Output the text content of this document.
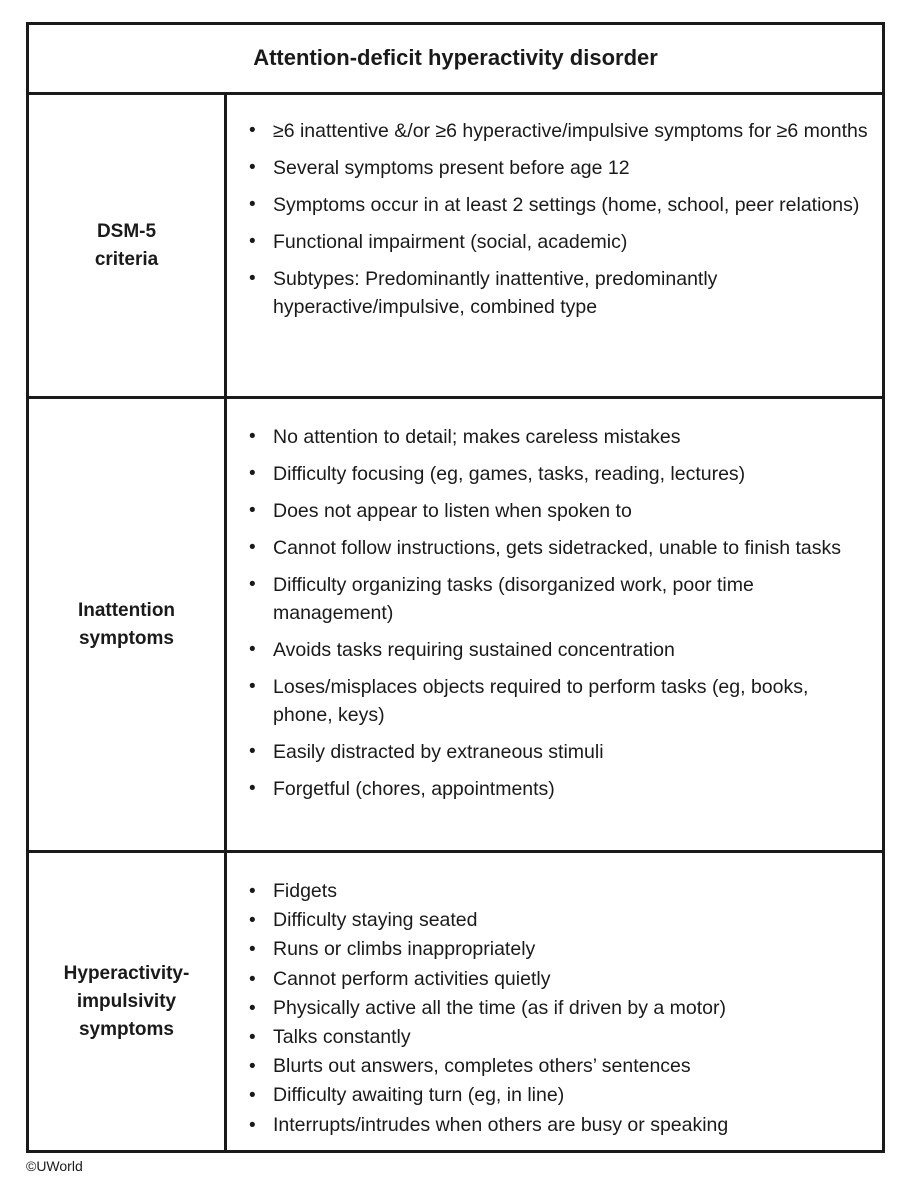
Attention-deficit hyperactivity disorder
DSM-5
criteria
• ≥6 inattentive &/or ≥6 hyperactive/impulsive symptoms for ≥6 months
• Several symptoms present before age 12
• Symptoms occur in at least 2 settings (home, school, peer relations)
• Functional impairment (social, academic)
• Subtypes: Predominantly inattentive, predominantly hyperactive/impulsive, combined type
Inattention
symptoms
• No attention to detail; makes careless mistakes
• Difficulty focusing (eg, games, tasks, reading, lectures)
• Does not appear to listen when spoken to
• Cannot follow instructions, gets sidetracked, unable to finish tasks
• Difficulty organizing tasks (disorganized work, poor time management)
• Avoids tasks requiring sustained concentration
• Loses/misplaces objects required to perform tasks (eg, books, phone, keys)
• Easily distracted by extraneous stimuli
• Forgetful (chores, appointments)
Hyperactivity-
impulsivity
symptoms
• Fidgets
• Difficulty staying seated
• Runs or climbs inappropriately
• Cannot perform activities quietly
• Physically active all the time (as if driven by a motor)
• Talks constantly
• Blurts out answers, completes others’ sentences
• Difficulty awaiting turn (eg, in line)
• Interrupts/intrudes when others are busy or speaking
©UWorld
